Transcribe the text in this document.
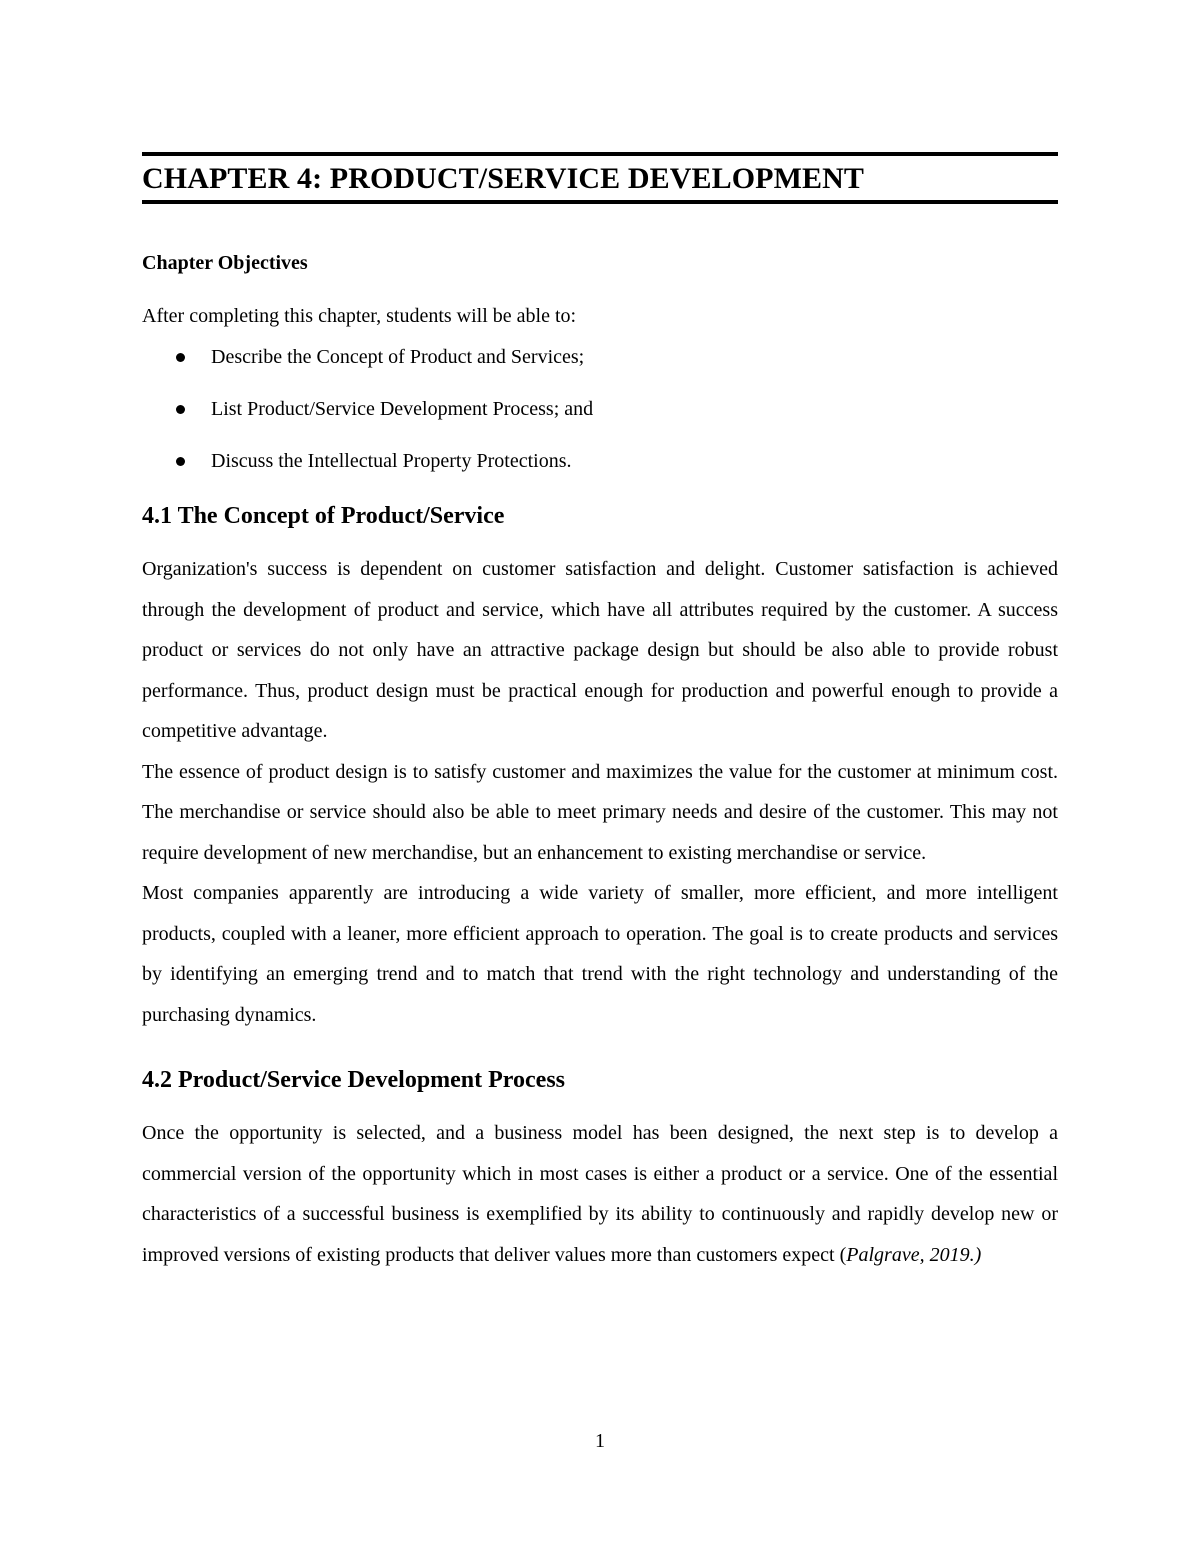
CHAPTER 4: PRODUCT/SERVICE DEVELOPMENT
Chapter Objectives
After completing this chapter, students will be able to:
Describe the Concept of Product and Services;
List Product/Service Development Process; and
Discuss the Intellectual Property Protections.
4.1 The Concept of Product/Service

Organization's success is dependent on customer satisfaction and delight. Customer satisfaction is achieved through the development of product and service, which have all attributes required by the customer. A success product or services do not only have an attractive package design but should be also able to provide robust performance. Thus, product design must be practical enough for production and powerful enough to provide a competitive advantage.

The essence of product design is to satisfy customer and maximizes the value for the customer at minimum cost. The merchandise or service should also be able to meet primary needs and desire of the customer. This may not require development of new merchandise, but an enhancement to existing merchandise or service.

Most companies apparently are introducing a wide variety of smaller, more efficient, and more intelligent products, coupled with a leaner, more efficient approach to operation. The goal is to create products and services by identifying an emerging trend and to match that trend with the right technology and understanding of the purchasing dynamics.

4.2 Product/Service Development Process

Once the opportunity is selected, and a business model has been designed, the next step is to develop a commercial version of the opportunity which in most cases is either a product or a service. One of the essential characteristics of a successful business is exemplified by its ability to continuously and rapidly develop new or improved versions of existing products that deliver values more than customers expect (Palgrave, 2019.)

1
